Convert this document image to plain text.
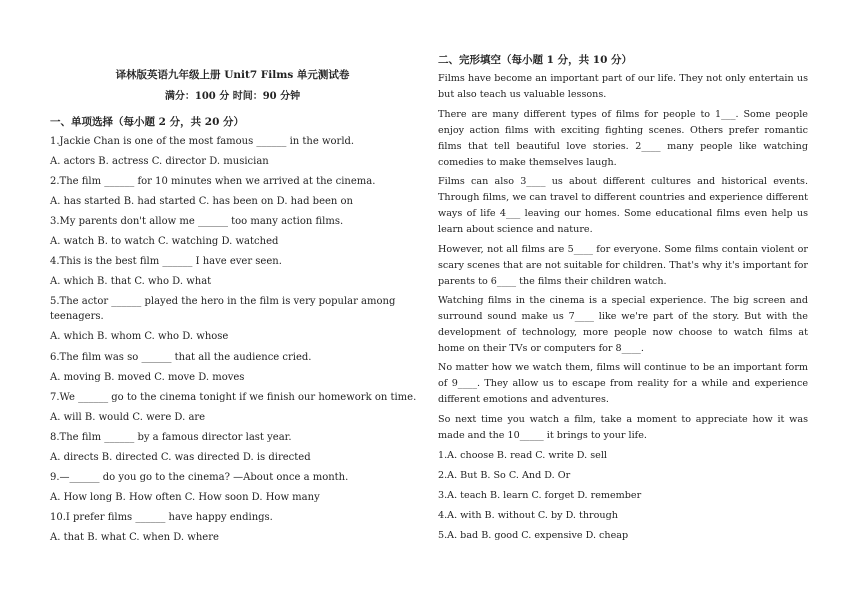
译林版英语九年级上册 Unit7 Films 单元测试卷
满分：100 分 时间：90 分钟
一、单项选择（每小题 2 分，共 20 分）
1.Jackie Chan is one of the most famous ______ in the world.
A. actors B. actress C. director D. musician
2.The film ______ for 10 minutes when we arrived at the cinema.
A. has started B. had started C. has been on D. had been on
3.My parents don't allow me ______ too many action films.
A. watch B. to watch C. watching D. watched
4.This is the best film ______ I have ever seen.
A. which B. that C. who D. what
5.The actor ______ played the hero in the film is very popular among
teenagers.
A. which B. whom C. who D. whose
6.The film was so ______ that all the audience cried.
A. moving B. moved C. move D. moves
7.We ______ go to the cinema tonight if we finish our homework on time.
A. will B. would C. were D. are
8.The film ______ by a famous director last year.
A. directs B. directed C. was directed D. is directed
9.—______ do you go to the cinema? —About once a month.
A. How long B. How often C. How soon D. How many
10.I prefer films ______ have happy endings.
A. that B. what C. when D. where
二、完形填空（每小题 1 分，共 10 分）
Films have become an important part of our life. They not only entertain us but also teach us valuable lessons.
There are many different types of films for people to 1___. Some people enjoy action films with exciting fighting scenes. Others prefer romantic films that tell beautiful love stories. 2____ many people like watching comedies to make themselves laugh.
Films can also 3____ us about different cultures and historical events. Through films, we can travel to different countries and experience different ways of life 4___ leaving our homes. Some educational films even help us learn about science and nature.
However, not all films are 5____ for everyone. Some films contain violent or scary scenes that are not suitable for children. That's why it's important for parents to 6____ the films their children watch.
Watching films in the cinema is a special experience. The big screen and surround sound make us 7____ like we're part of the story. But with the development of technology, more people now choose to watch films at home on their TVs or computers for 8____.
No matter how we watch them, films will continue to be an important form of 9____. They allow us to escape from reality for a while and experience different emotions and adventures.
So next time you watch a film, take a moment to appreciate how it was made and the 10_____ it brings to your life.
1.A. choose B. read C. write D. sell
2.A. But B. So C. And D. Or
3.A. teach B. learn C. forget D. remember
4.A. with B. without C. by D. through
5.A. bad B. good C. expensive D. cheap
